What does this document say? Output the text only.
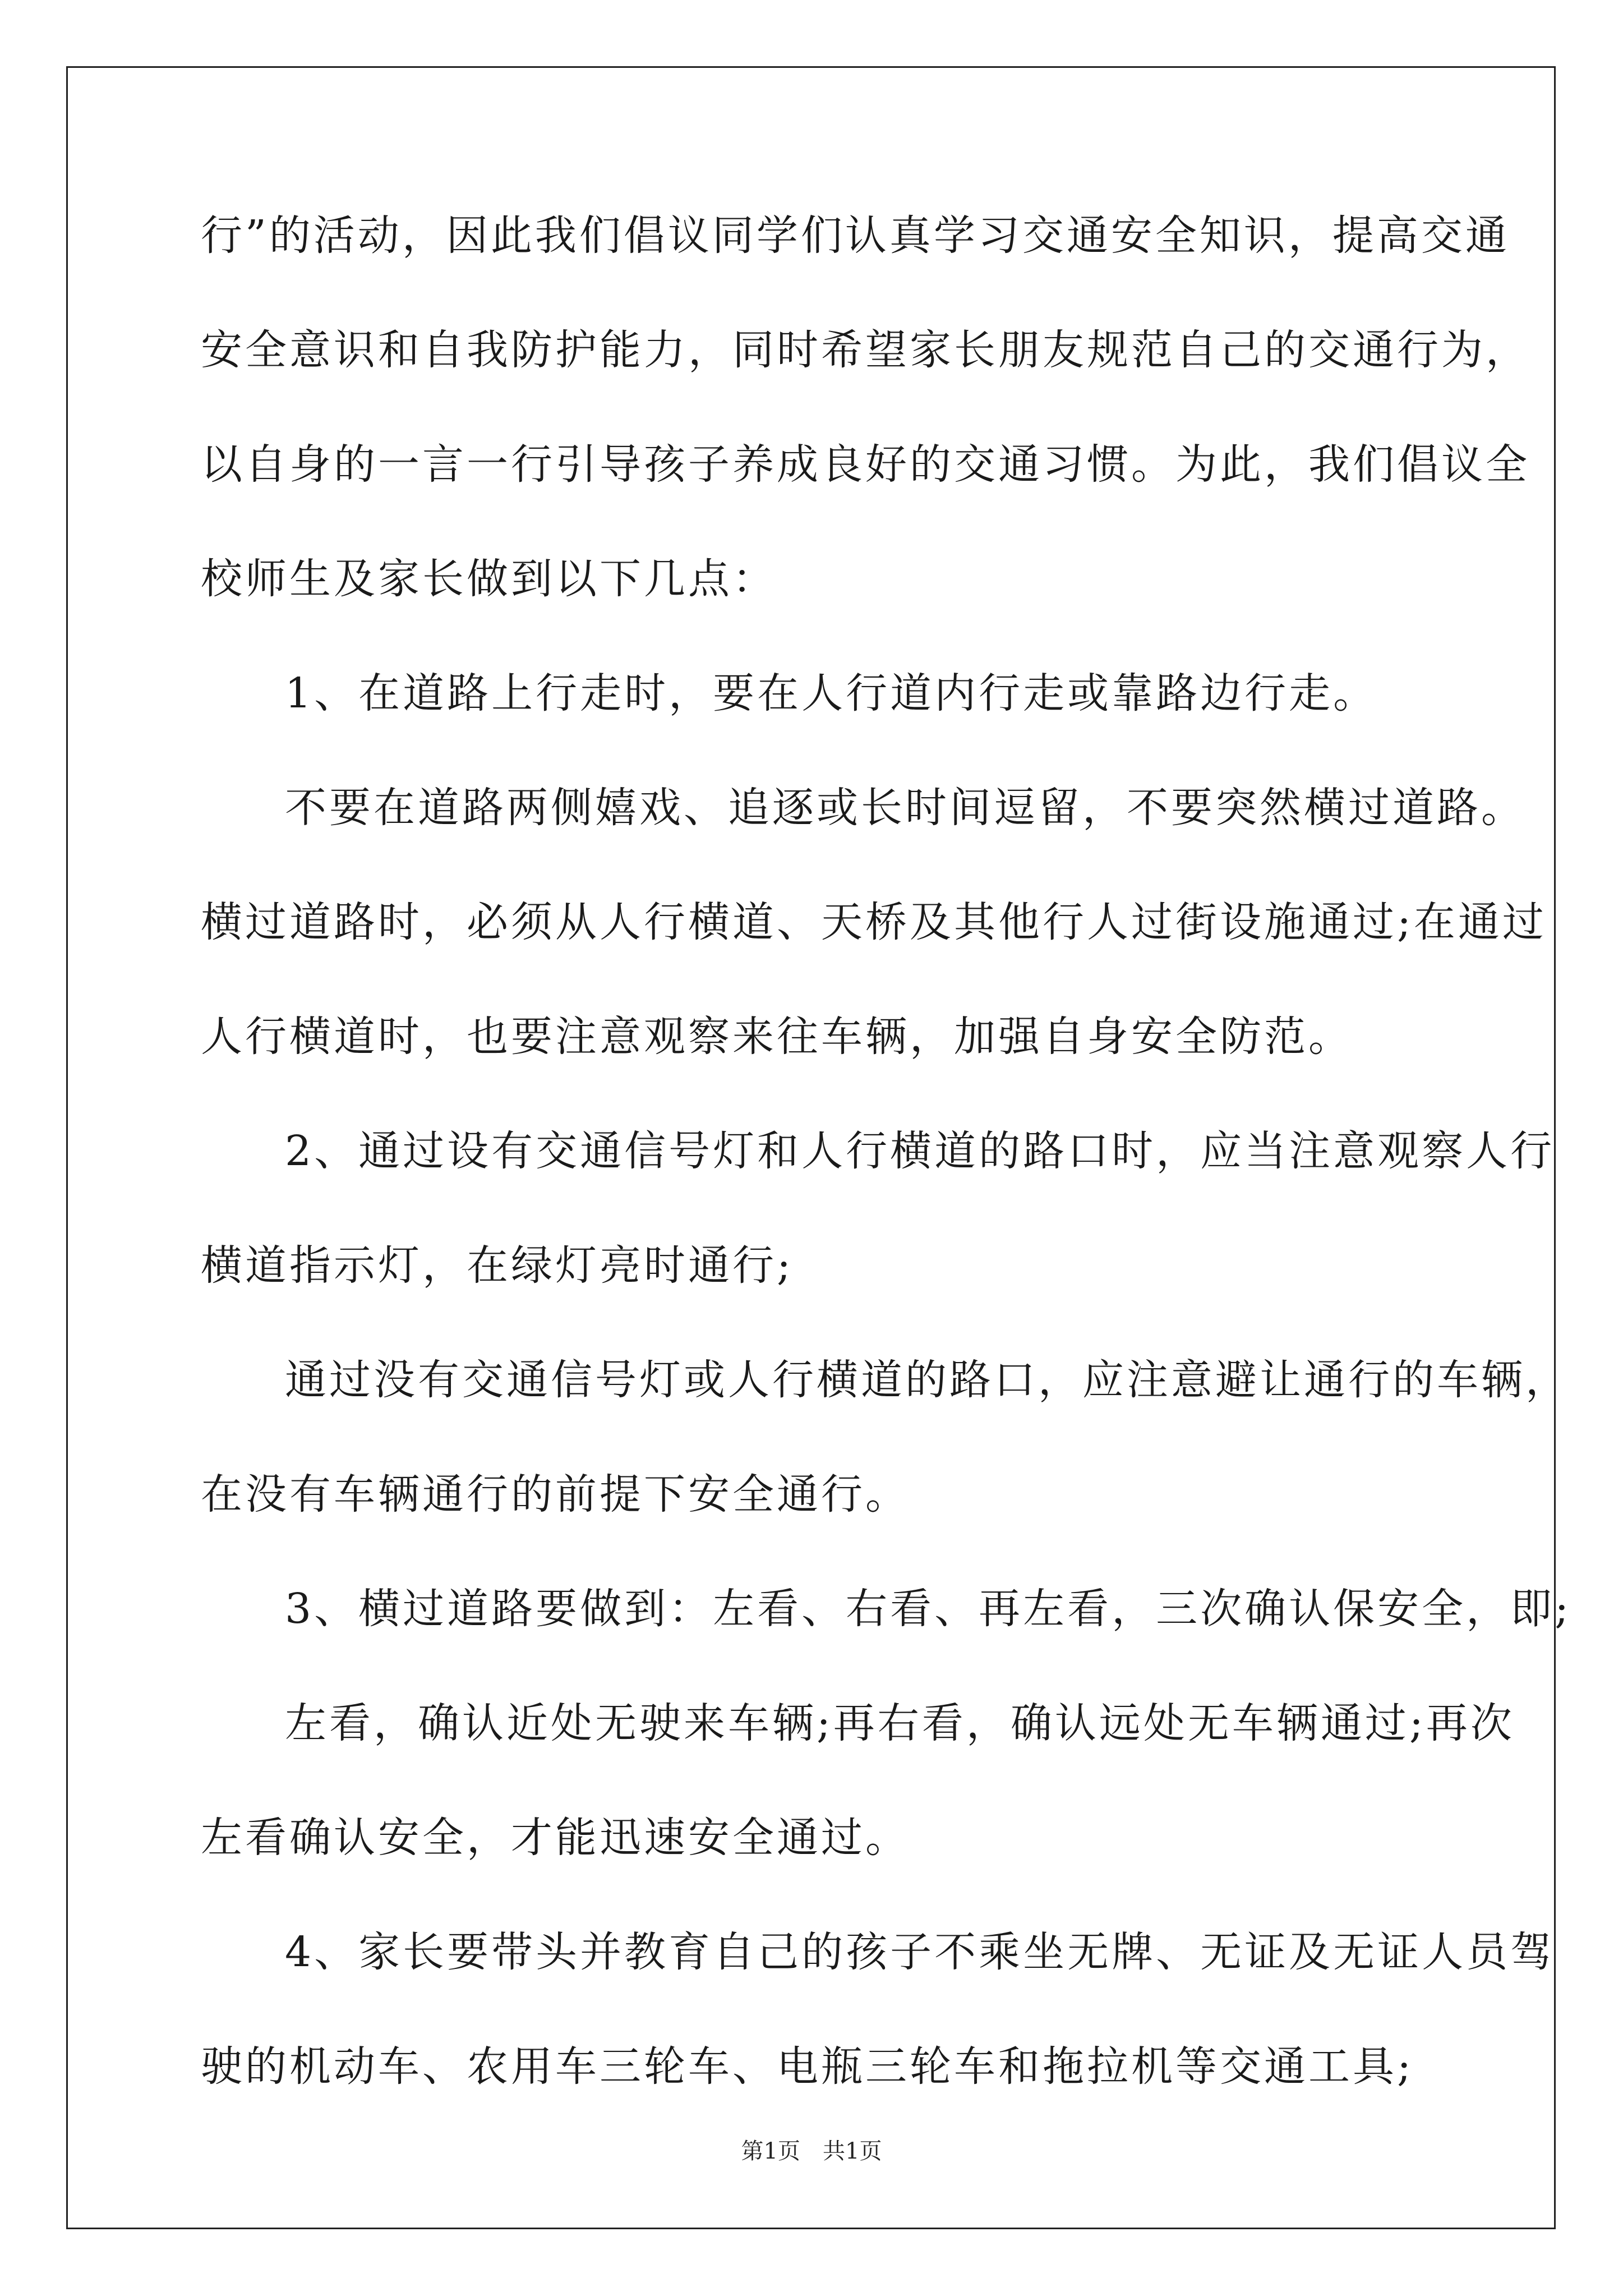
行”的活动，因此我们倡议同学们认真学习交通安全知识，提高交通
安全意识和自我防护能力，同时希望家长朋友规范自己的交通行为，
以自身的一言一行引导孩子养成良好的交通习惯。为此，我们倡议全
校师生及家长做到以下几点：
1、在道路上行走时，要在人行道内行走或靠路边行走。
不要在道路两侧嬉戏、追逐或长时间逗留，不要突然横过道路。
横过道路时，必须从人行横道、天桥及其他行人过街设施通过;在通过
人行横道时，也要注意观察来往车辆，加强自身安全防范。
2、通过设有交通信号灯和人行横道的路口时，应当注意观察人行
横道指示灯，在绿灯亮时通行;
通过没有交通信号灯或人行横道的路口，应注意避让通行的车辆，
在没有车辆通行的前提下安全通行。
3、横过道路要做到：左看、右看、再左看，三次确认保安全，即;
左看，确认近处无驶来车辆;再右看，确认远处无车辆通过;再次
左看确认安全，才能迅速安全通过。
4、家长要带头并教育自己的孩子不乘坐无牌、无证及无证人员驾
驶的机动车、农用车三轮车、电瓶三轮车和拖拉机等交通工具;
第1页　共1页
